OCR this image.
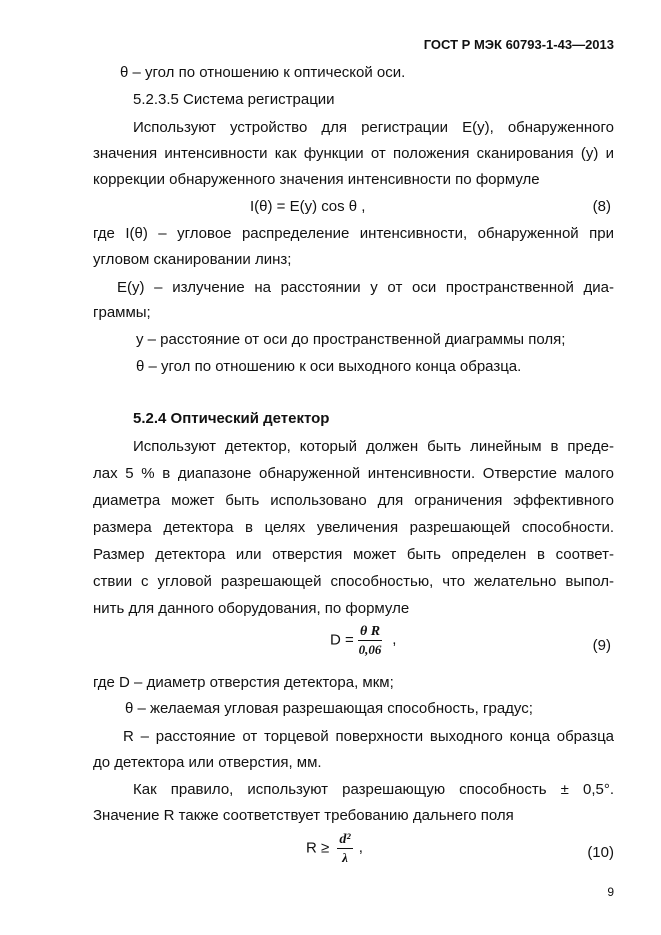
ГОСТ Р МЭК 60793-1-43—2013
θ – угол по отношению к оптической оси.
5.2.3.5 Система регистрации
Используют устройство для регистрации E(y), обнаруженного
значения интенсивности как функции от положения сканирования (y) и
коррекции обнаруженного значения интенсивности по формуле
I(θ) = E(y) cos θ ,	(8)
где I(θ) – угловое распределение интенсивности, обнаруженной при
угловом сканировании линз;
E(y) – излучение на расстоянии y от оси пространственной диа-
граммы;
y – расстояние от оси до пространственной диаграммы поля;
θ – угол по отношению к оси выходного конца образца.
5.2.4 Оптический детектор
Используют детектор, который должен быть линейным в преде-
лах 5 % в диапазоне обнаруженной интенсивности. Отверстие малого
диаметра может быть использовано для ограничения эффективного
размера детектора в целях увеличения разрешающей способности.
Размер детектора или отверстия может быть определен в соответ-
ствии с угловой разрешающей способностью, что желательно выпол-
нить для данного оборудования, по формуле
$D = \frac{\text{θ R}}{0,06}$ ,	(9)
где D – диаметр отверстия детектора, мкм;
θ – желаемая угловая разрешающая способность, градус;
R – расстояние от торцевой поверхности выходного конца образца
до детектора или отверстия, мм.
Как правило, используют разрешающую способность ± 0,5°.
Значение R также соответствует требованию дальнего поля
$R \ge \frac{\text{d²}}{\lambda}$ ,	(10)
9
